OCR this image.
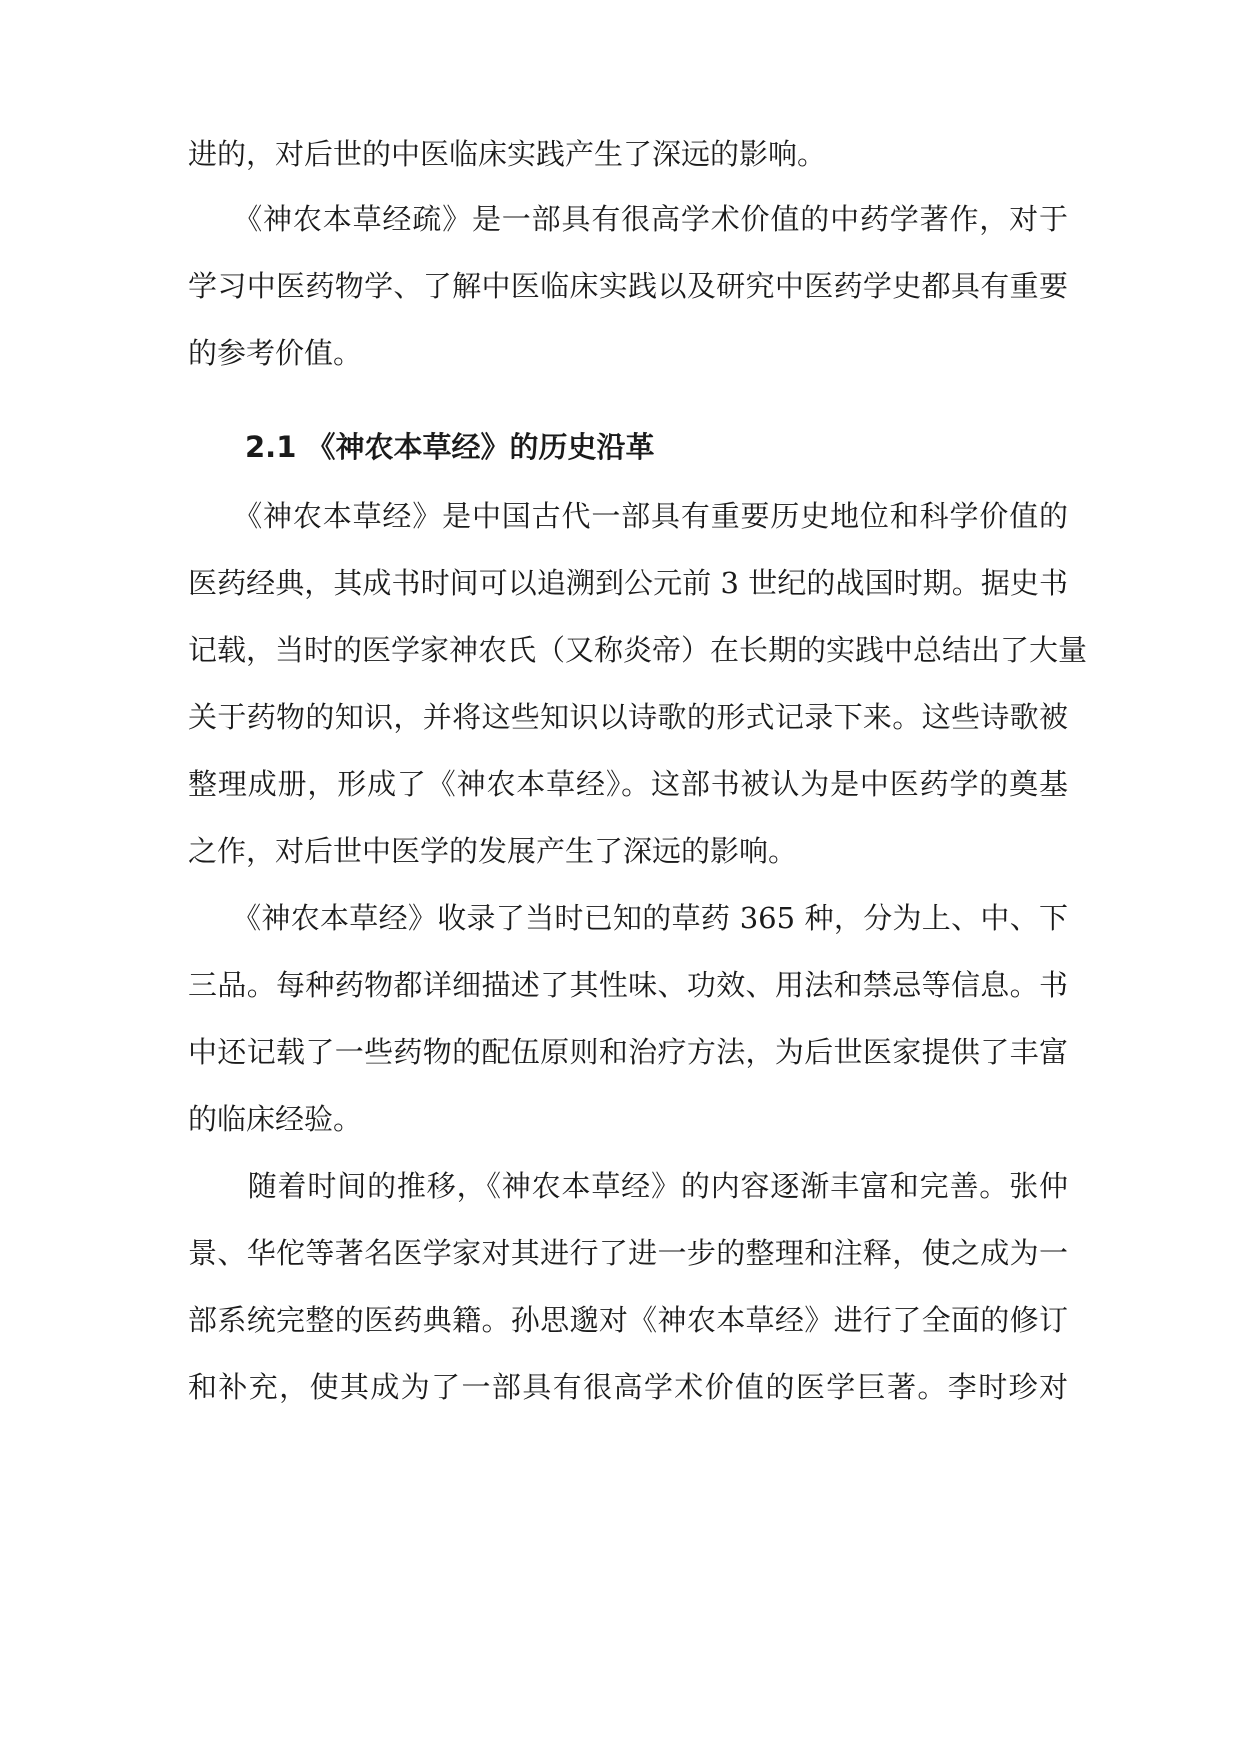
进的，对后世的中医临床实践产生了深远的影响。
　　《神农本草经疏》是一部具有很高学术价值的中药学著作，对于
学习中医药物学、了解中医临床实践以及研究中医药学史都具有重要
的参考价值。
2.1 《神农本草经》的历史沿革
　　《神农本草经》是中国古代一部具有重要历史地位和科学价值的
医药经典，其成书时间可以追溯到公元前 3 世纪的战国时期。据史书
记载，当时的医学家神农氏（又称炎帝）在长期的实践中总结出了大量
关于药物的知识，并将这些知识以诗歌的形式记录下来。这些诗歌被
整理成册，形成了《神农本草经》。这部书被认为是中医药学的奠基
之作，对后世中医学的发展产生了深远的影响。
　　《神农本草经》收录了当时已知的草药 365 种，分为上、中、下
三品。每种药物都详细描述了其性味、功效、用法和禁忌等信息。书
中还记载了一些药物的配伍原则和治疗方法，为后世医家提供了丰富
的临床经验。
　　随着时间的推移，《神农本草经》的内容逐渐丰富和完善。张仲
景、华佗等著名医学家对其进行了进一步的整理和注释，使之成为一
部系统完整的医药典籍。孙思邈对《神农本草经》进行了全面的修订
和补充，使其成为了一部具有很高学术价值的医学巨著。李时珍对
